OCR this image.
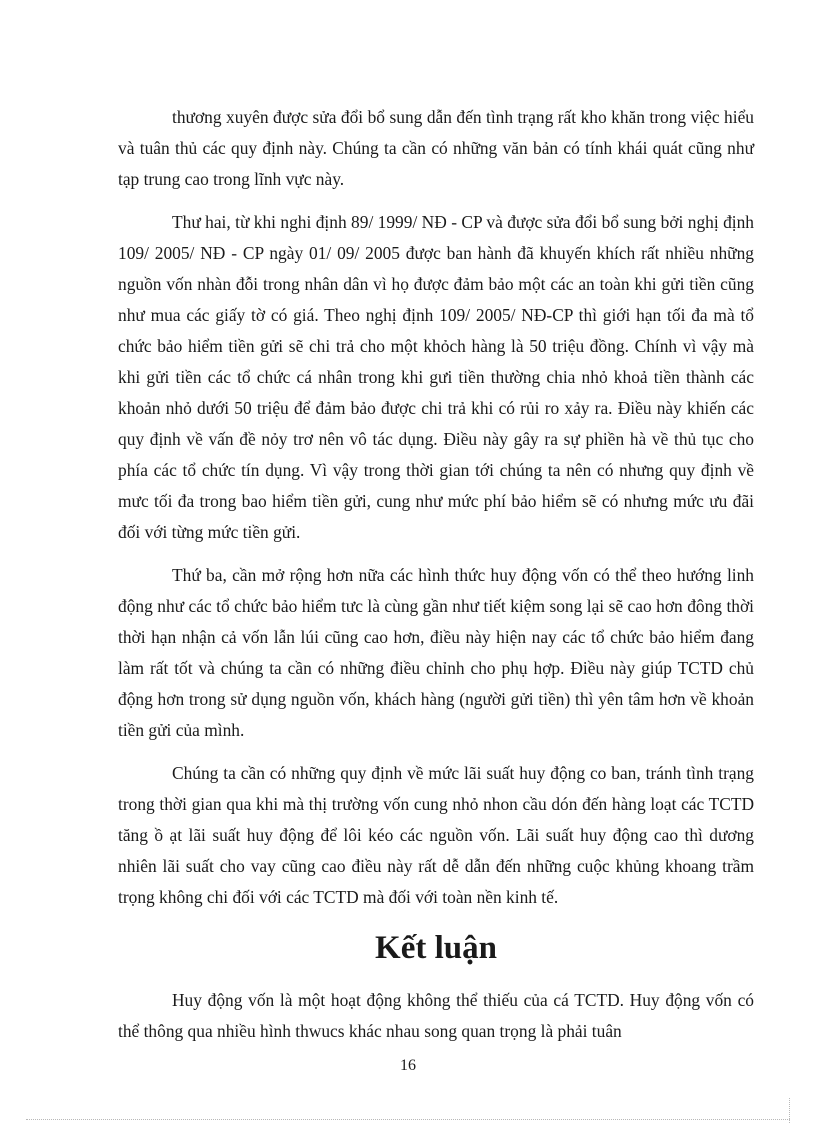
thương xuyên được sửa đổi bổ sung dẫn đến tình trạng rất kho khăn trong việc hiểu và tuân thủ các quy định này. Chúng ta cần có những văn bản có tính khái quát cũng như tạp trung cao trong lĩnh vực này.

Thư hai, từ khi nghi định 89/ 1999/ NĐ - CP và được sửa đổi bổ sung bởi nghị định 109/ 2005/ NĐ - CP ngày 01/ 09/ 2005 được ban hành đã khuyến khích rất nhiều những nguồn vốn nhàn đỗi trong nhân dân vì họ được đảm bảo một các an toàn khi gửi tiền cũng như mua các giấy tờ có giá. Theo nghị định 109/ 2005/ NĐ-CP thì giới hạn tối đa mà tổ chức bảo hiểm tiền gửi sẽ chi trả cho một khỏch hàng là 50 triệu đồng. Chính vì vậy mà khi gửi tiền các tổ chức cá nhân trong khi gưi tiền thường chia nhỏ khoả tiền thành các khoản nhỏ dưới 50 triệu để đảm bảo được chi trả khi có rủi ro xảy ra. Điều này khiến các quy định về vấn đề nỏy trơ nên vô tác dụng. Điều này gây ra sự phiền hà về thủ tục cho phía các tổ chức tín dụng. Vì vậy trong thời gian tới chúng ta nên có nhưng quy định về mưc tối đa trong bao hiểm tiền gửi, cung như mức phí bảo hiểm sẽ có nhưng mức ưu đãi đối với từng mức tiền gửi.

Thứ ba, cần mở rộng hơn nữa các hình thức huy động vốn có thể theo hướng linh động như các tổ chức bảo hiểm tưc là cùng gần như tiết kiệm song lại sẽ cao hơn đông thời thời hạn nhận cả vốn lẫn lúi cũng cao hơn, điều này hiện nay các tổ chức bảo hiểm đang làm rất tốt và chúng ta cần có những điều chỉnh cho phụ hợp. Điều này giúp TCTD chủ động hơn trong sử dụng nguồn vốn, khách hàng (người gửi tiền) thì yên tâm hơn về khoản tiền gửi của mình.

Chúng ta cần có những quy định về mức lãi suất huy động co ban, tránh tình trạng trong thời gian qua khi mà thị trường vốn cung nhỏ nhon cầu dón đến hàng loạt các TCTD tăng ồ ạt lãi suất huy động để lôi kéo các nguồn vốn. Lãi suất huy động cao thì dương nhiên lãi suất cho vay cũng cao điều này rất dễ dẫn đến những cuộc khủng khoang trầm trọng không chi đối với các TCTD mà đối với toàn nền kinh tế.

Kết luận

Huy động vốn là một hoạt động không thể thiếu của cá TCTD. Huy động vốn có thể thông qua nhiều hình thwucs khác nhau song quan trọng là phải tuân

16
